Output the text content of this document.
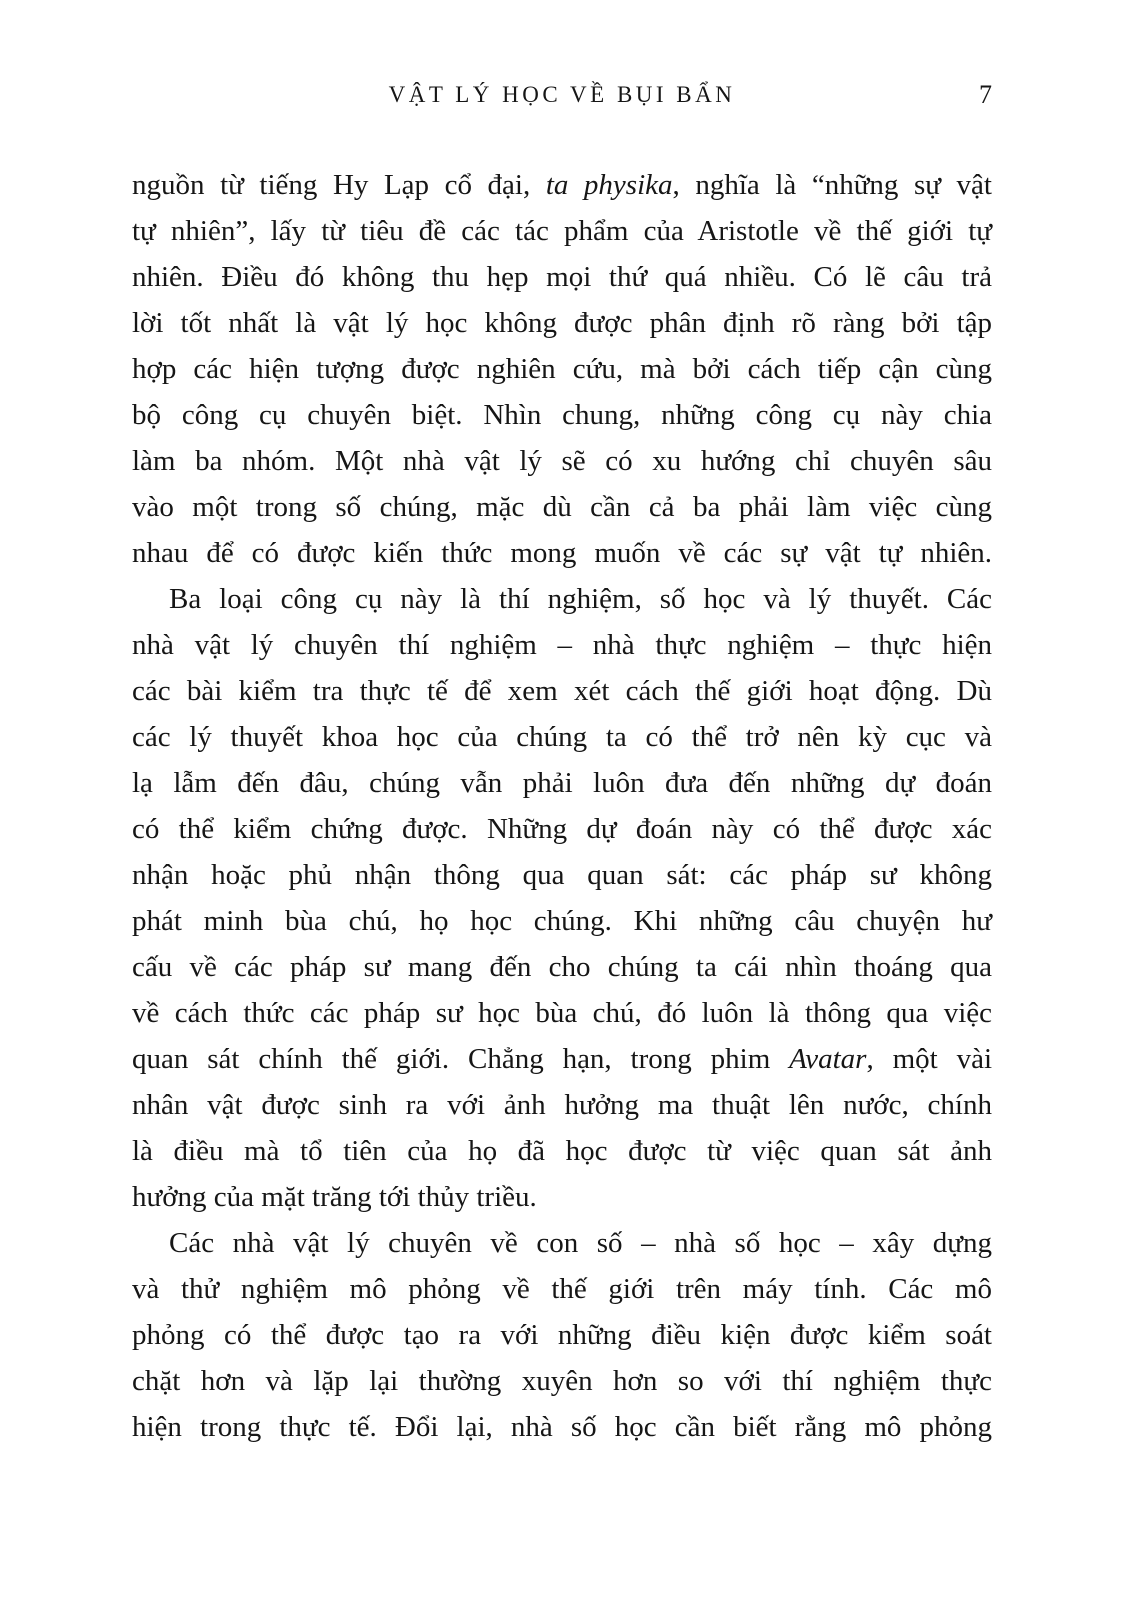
VẬT LÝ HỌC VỀ BỤI BẨN	7
nguồn từ tiếng Hy Lạp cổ đại, ta physika, nghĩa là “những sự vật
tự nhiên”, lấy từ tiêu đề các tác phẩm của Aristotle về thế giới tự
nhiên. Điều đó không thu hẹp mọi thứ quá nhiều. Có lẽ câu trả
lời tốt nhất là vật lý học không được phân định rõ ràng bởi tập
hợp các hiện tượng được nghiên cứu, mà bởi cách tiếp cận cùng
bộ công cụ chuyên biệt. Nhìn chung, những công cụ này chia
làm ba nhóm. Một nhà vật lý sẽ có xu hướng chỉ chuyên sâu
vào một trong số chúng, mặc dù cần cả ba phải làm việc cùng
nhau để có được kiến thức mong muốn về các sự vật tự nhiên.
Ba loại công cụ này là thí nghiệm, số học và lý thuyết. Các
nhà vật lý chuyên thí nghiệm – nhà thực nghiệm – thực hiện
các bài kiểm tra thực tế để xem xét cách thế giới hoạt động. Dù
các lý thuyết khoa học của chúng ta có thể trở nên kỳ cục và
lạ lẫm đến đâu, chúng vẫn phải luôn đưa đến những dự đoán
có thể kiểm chứng được. Những dự đoán này có thể được xác
nhận hoặc phủ nhận thông qua quan sát: các pháp sư không
phát minh bùa chú, họ học chúng. Khi những câu chuyện hư
cấu về các pháp sư mang đến cho chúng ta cái nhìn thoáng qua
về cách thức các pháp sư học bùa chú, đó luôn là thông qua việc
quan sát chính thế giới. Chẳng hạn, trong phim Avatar, một vài
nhân vật được sinh ra với ảnh hưởng ma thuật lên nước, chính
là điều mà tổ tiên của họ đã học được từ việc quan sát ảnh
hưởng của mặt trăng tới thủy triều.
Các nhà vật lý chuyên về con số – nhà số học – xây dựng
và thử nghiệm mô phỏng về thế giới trên máy tính. Các mô
phỏng có thể được tạo ra với những điều kiện được kiểm soát
chặt hơn và lặp lại thường xuyên hơn so với thí nghiệm thực
hiện trong thực tế. Đổi lại, nhà số học cần biết rằng mô phỏng
